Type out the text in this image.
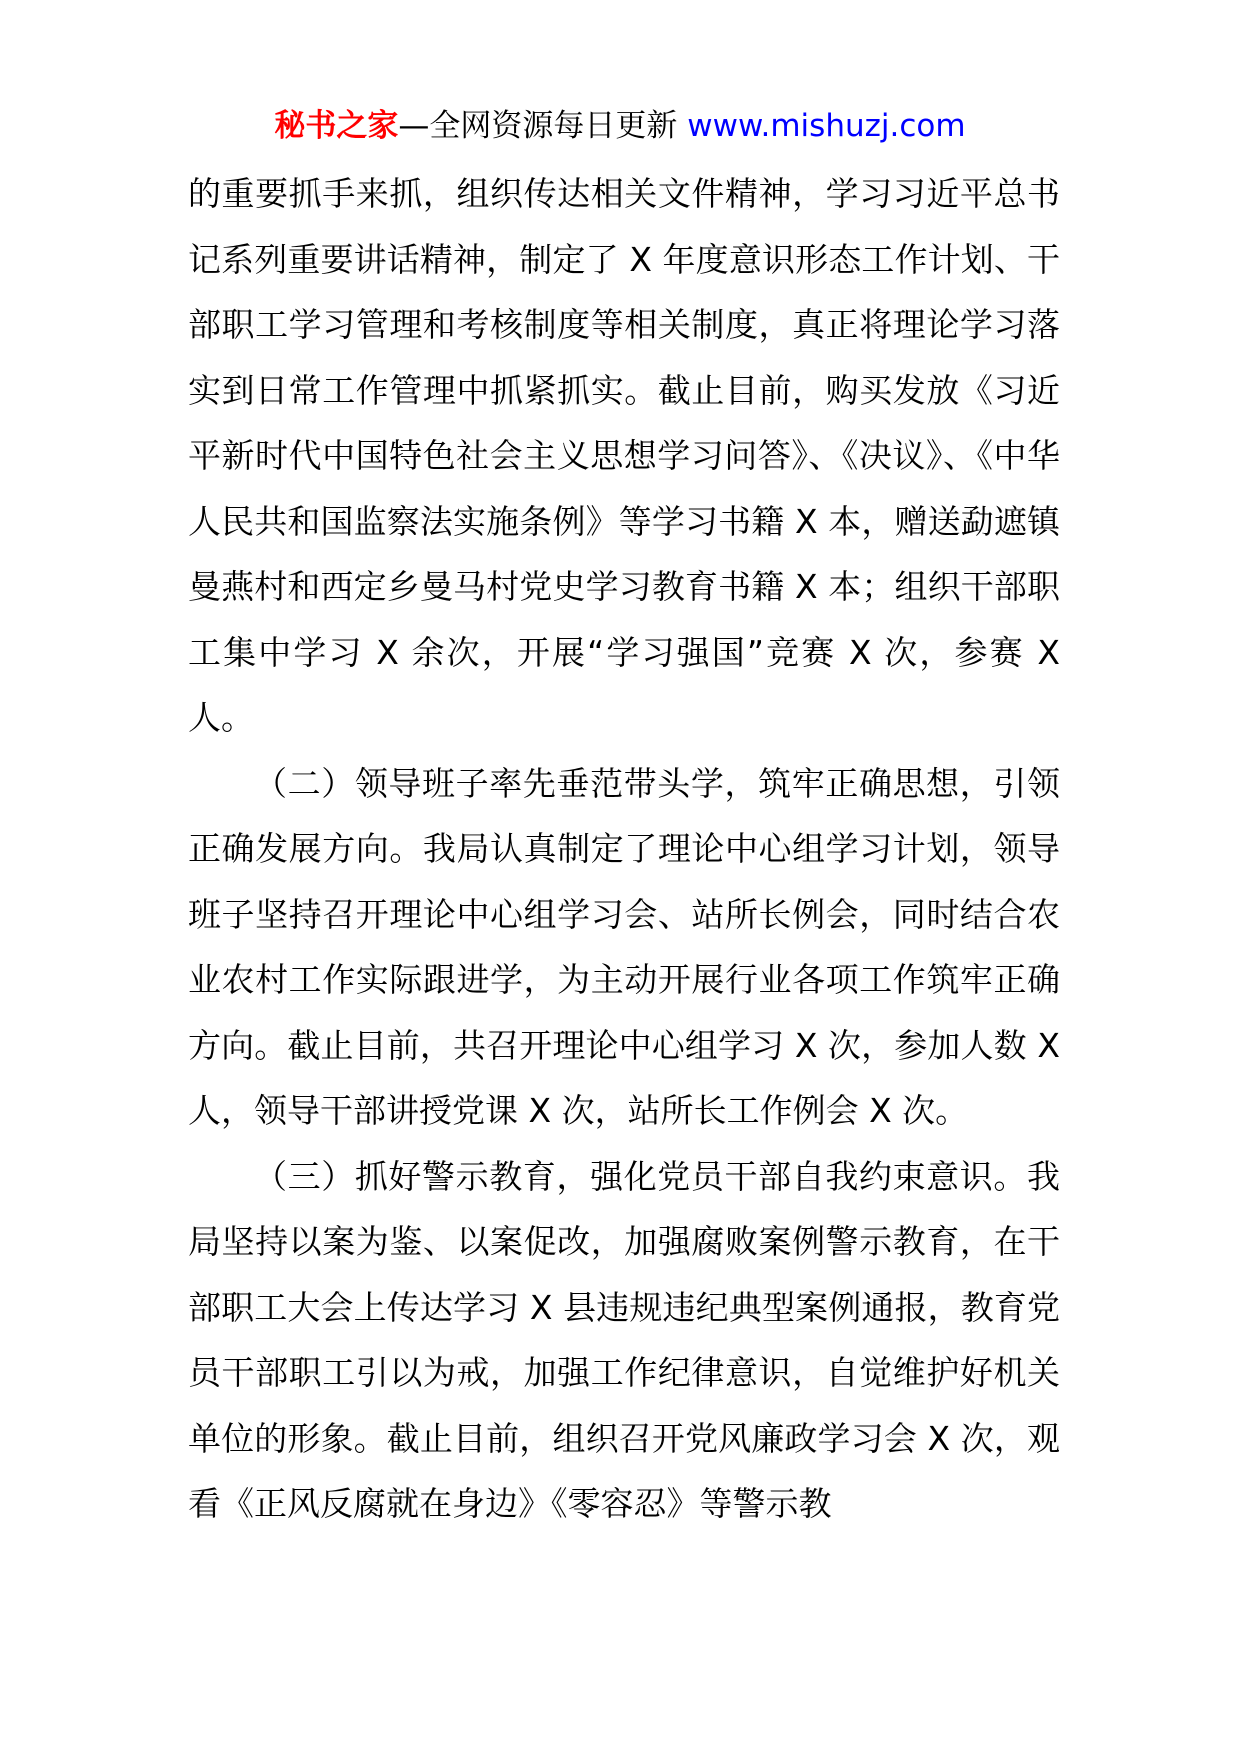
秘书之家—全网资源每日更新 www.mishuzj.com

的重要抓手来抓，组织传达相关文件精神，学习习近平总书记系列重要讲话精神，制定了 X 年度意识形态工作计划、干部职工学习管理和考核制度等相关制度，真正将理论学习落实到日常工作管理中抓紧抓实。截止目前，购买发放《习近平新时代中国特色社会主义思想学习问答》、《决议》、《中华人民共和国监察法实施条例》等学习书籍 X 本，赠送勐遮镇曼燕村和西定乡曼马村党史学习教育书籍 X 本；组织干部职工集中学习 X 余次，开展“学习强国”竞赛 X 次，参赛 X 人。

（二）领导班子率先垂范带头学，筑牢正确思想，引领正确发展方向。我局认真制定了理论中心组学习计划，领导班子坚持召开理论中心组学习会、站所长例会，同时结合农业农村工作实际跟进学，为主动开展行业各项工作筑牢正确方向。截止目前，共召开理论中心组学习 X 次，参加人数 X 人，领导干部讲授党课 X 次，站所长工作例会 X 次。

（三）抓好警示教育，强化党员干部自我约束意识。我局坚持以案为鉴、以案促改，加强腐败案例警示教育，在干部职工大会上传达学习 X 县违规违纪典型案例通报，教育党员干部职工引以为戒，加强工作纪律意识，自觉维护好机关单位的形象。截止目前，组织召开党风廉政学习会 X 次，观看《正风反腐就在身边》《零容忍》等警示教
